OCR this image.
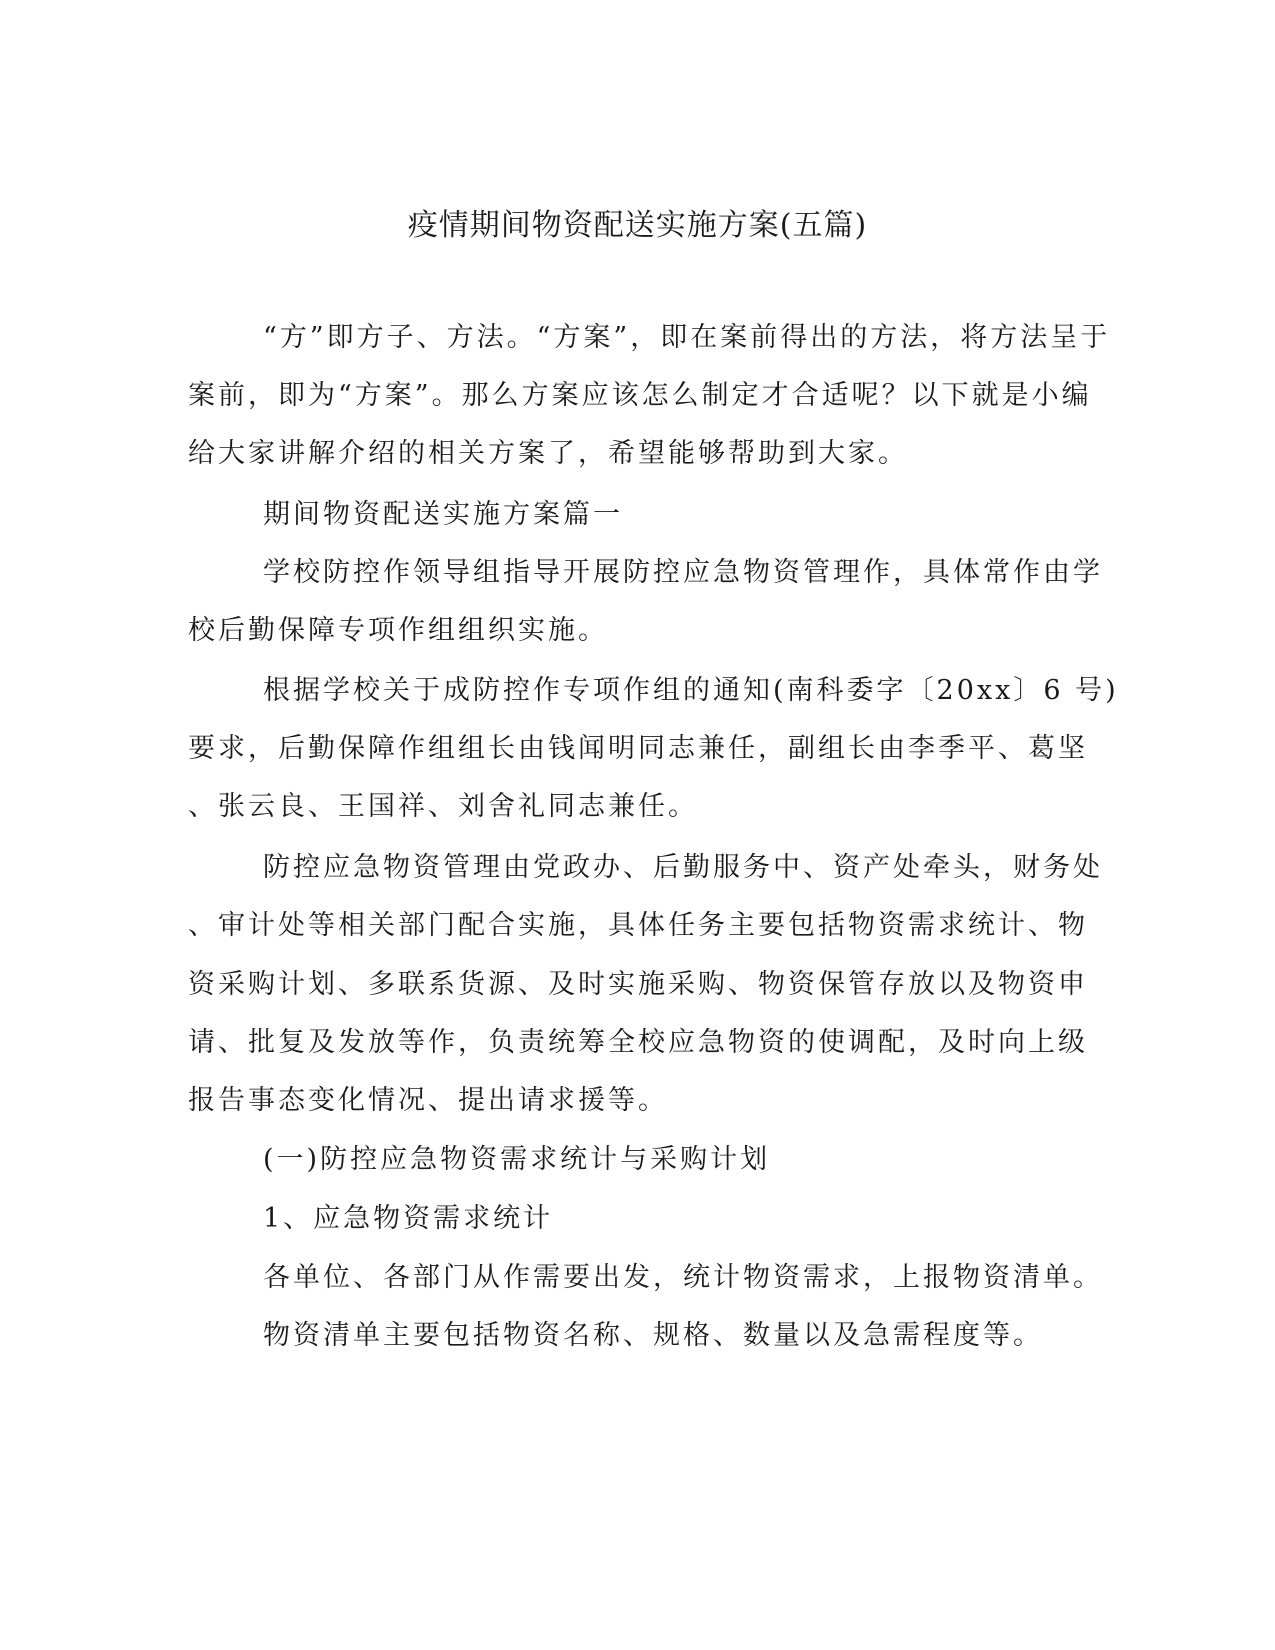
疫情期间物资配送实施方案(五篇)
“方”即方子、方法。“方案”，即在案前得出的方法，将方法呈于
案前，即为“方案”。那么方案应该怎么制定才合适呢？以下就是小编
给大家讲解介绍的相关方案了，希望能够帮助到大家。
期间物资配送实施方案篇一
学校防控作领导组指导开展防控应急物资管理作，具体常作由学
校后勤保障专项作组组织实施。
根据学校关于成防控作专项作组的通知(南科委字〔20xx〕6 号)
要求，后勤保障作组组长由钱闻明同志兼任，副组长由李季平、葛坚
、张云良、王国祥、刘舍礼同志兼任。
防控应急物资管理由党政办、后勤服务中、资产处牵头，财务处
、审计处等相关部门配合实施，具体任务主要包括物资需求统计、物
资采购计划、多联系货源、及时实施采购、物资保管存放以及物资申
请、批复及发放等作，负责统筹全校应急物资的使调配，及时向上级
报告事态变化情况、提出请求援等。
(一)防控应急物资需求统计与采购计划
1、应急物资需求统计
各单位、各部门从作需要出发，统计物资需求，上报物资清单。
物资清单主要包括物资名称、规格、数量以及急需程度等。
